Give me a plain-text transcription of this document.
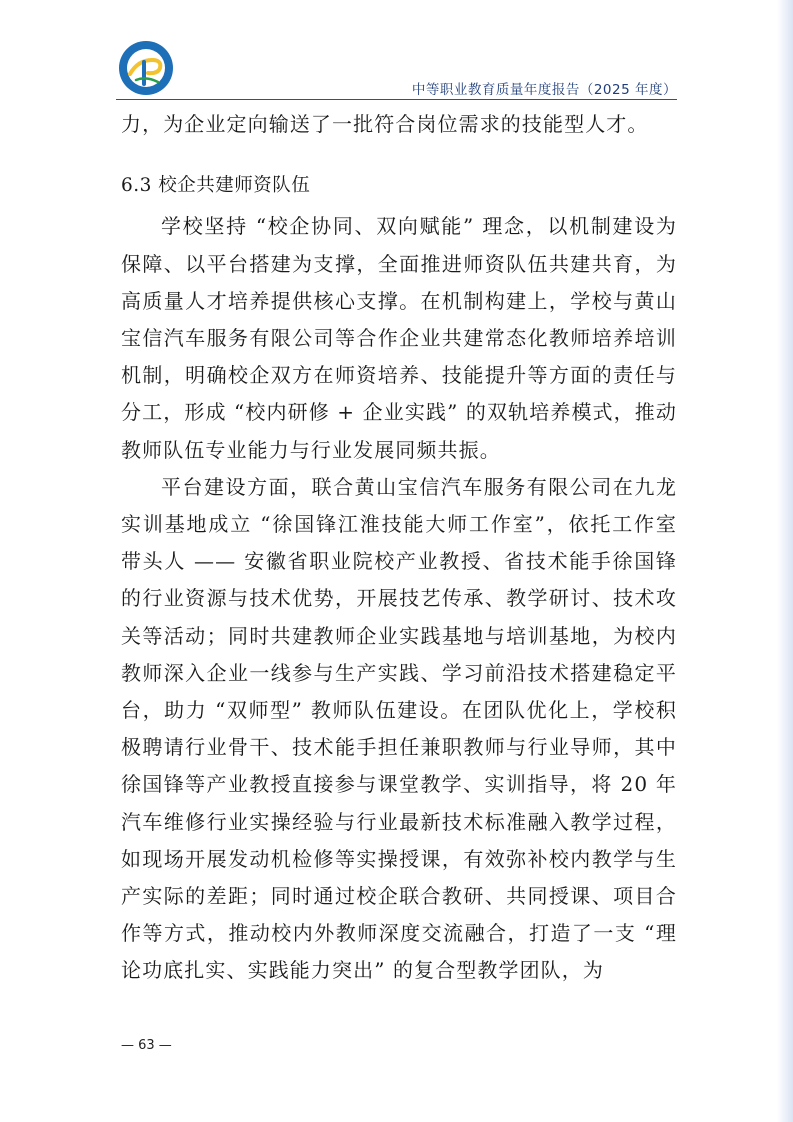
中等职业教育质量年度报告（2025 年度）

力，为企业定向输送了一批符合岗位需求的技能型人才。

6.3 校企共建师资队伍

学校坚持 “校企协同、双向赋能” 理念，以机制建设为保障、以平台搭建为支撑，全面推进师资队伍共建共育，为高质量人才培养提供核心支撑。在机制构建上，学校与黄山宝信汽车服务有限公司等合作企业共建常态化教师培养培训机制，明确校企双方在师资培养、技能提升等方面的责任与分工，形成 “校内研修 + 企业实践” 的双轨培养模式，推动教师队伍专业能力与行业发展同频共振。

平台建设方面，联合黄山宝信汽车服务有限公司在九龙实训基地成立 “徐国锋江淮技能大师工作室”，依托工作室带头人 —— 安徽省职业院校产业教授、省技术能手徐国锋的行业资源与技术优势，开展技艺传承、教学研讨、技术攻关等活动；同时共建教师企业实践基地与培训基地，为校内教师深入企业一线参与生产实践、学习前沿技术搭建稳定平台，助力 “双师型” 教师队伍建设。在团队优化上，学校积极聘请行业骨干、技术能手担任兼职教师与行业导师，其中徐国锋等产业教授直接参与课堂教学、实训指导，将 20 年汽车维修行业实操经验与行业最新技术标准融入教学过程，如现场开展发动机检修等实操授课，有效弥补校内教学与生产实际的差距；同时通过校企联合教研、共同授课、项目合作等方式，推动校内外教师深度交流融合，打造了一支 “理论功底扎实、实践能力突出” 的复合型教学团队，为

— 63 —
